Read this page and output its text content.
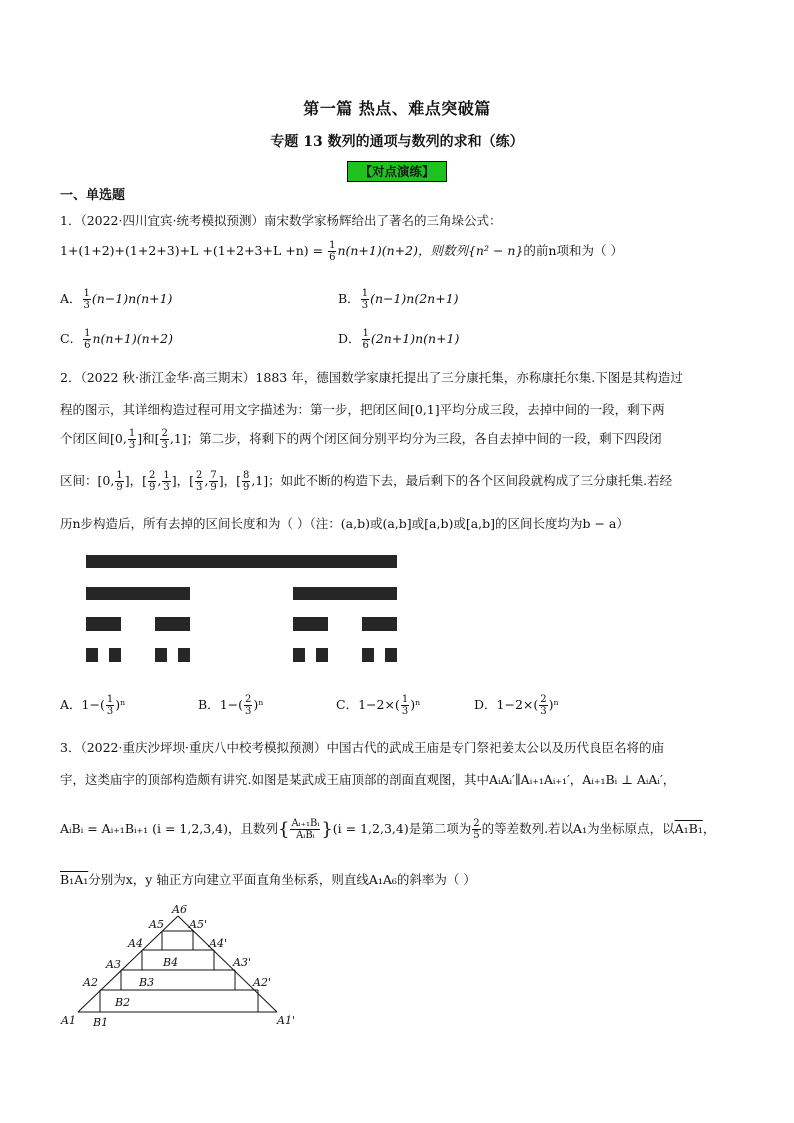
第一篇 热点、难点突破篇
专题 13 数列的通项与数列的求和（练）
【对点演练】
一、单选题
1．（2022·四川宜宾·统考模拟预测）南宋数学家杨辉给出了著名的三角垛公式：
$1+(1+2)+(1+2+3)+L +(1+2+3+L +n) = \frac{1}{6} n(n+1)(n+2)$，则数列{n² − n}的前n项和为（ ）
A． $\frac{1}{3} (n-1)n(n+1)$	B． $\frac{1}{3} (n-1)n(2n+1)$
C． $\frac{1}{6} n(n+1)(n+2)$	D． $\frac{1}{6} (2n+1)n(n+1)$
2．（2022 秋·浙江金华·高三期末）1883 年，德国数学家康托提出了三分康托集，亦称康托尔集.下图是其构造过
程的图示，其详细构造过程可用文字描述为：第一步，把闭区间[0,1]平均分成三段，去掉中间的一段，剩下两
个闭区间[0, $\frac{1}{3}$ ]和[ $\frac{2}{3} ,1$]；第二步，将剩下的两个闭区间分别平均分为三段，各自去掉中间的一段，剩下四段闭
区间：[0, $\frac{1}{9}$ ]，[ $\frac{2}{9}$ , $\frac{1}{3}$ ]，[ $\frac{2}{3}$ , $\frac{7}{9}$ ]，[ $\frac{8}{9} ,1$]；如此不断的构造下去，最后剩下的各个区间段就构成了三分康托集.若经
历n步构造后，所有去掉的区间长度和为（ ）（注：(a,b)或(a,b]或[a,b)或[a,b]的区间长度均为b − a）
A．$1-( \frac{1}{3} )^n$	B．$1-( \frac{2}{3} )^n$	C．$1-2\times( \frac{1}{3} )^n$	D．$1-2\times( \frac{2}{3} )^n$
3．（2022·重庆沙坪坝·重庆八中校考模拟预测）中国古代的武成王庙是专门祭祀姜太公以及历代良臣名将的庙
宇，这类庙宇的顶部构造颇有讲究.如图是某武成王庙顶部的剖面直观图，其中AᵢAᵢ′∥Aᵢ₊₁Aᵢ₊₁′，Aᵢ₊₁Bᵢ ⊥ AᵢAᵢ′，
AᵢBᵢ = Aᵢ₊₁Bᵢ₊₁ (i = 1,2,3,4)，且数列{ $\frac{\text{Aᵢ₊₁Bᵢ}}{\text{AᵢBᵢ}} \}(i = 1,2,3,4)$是第二项为 $\frac{2}{5}$ 的等差数列.若以A₁为坐标原点，以A₁B₁，
B₁A₁分别为x，y 轴正方向建立平面直角坐标系，则直线A₁A₆的斜率为（ ）
A6
A5 A5'
A4	A4'
A3	A3'
A2	A2'
A1	A1'
B4
B3
B2
B1
